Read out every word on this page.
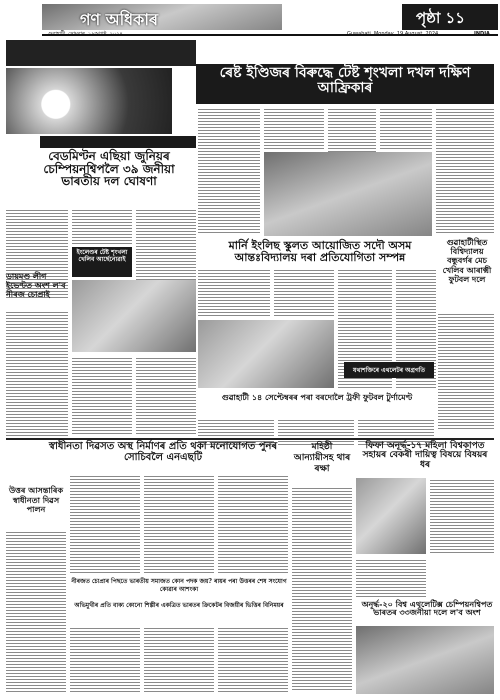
গণ অধিকাৰ
গুৱাহাটী, সোমবাৰ, ১৯আগষ্ট, ২০২৪	Guwahati, Monday, 19 August, 2024
পৃষ্ঠা ১১
INDIA
ৰেষ্ট ইণ্ডিজৰ বিৰুদ্ধে টেষ্ট শৃংখলা দখল দক্ষিণ আফ্ৰিকাৰ
বেডমিণ্টন এছিয়া জুনিয়ৰ চেম্পিয়নশ্বিপলৈ ৩৯ জনীয়া ভাৰতীয় দল ঘোষণা
ইংলেণ্ডৰ টেষ্ট শৃংখলা খেলিব আৰ্ছেনোৱাই
ডায়মণ্ড লীগ ইভেণ্টত অংশ ল'ব নীৰজ চোপ্ৰাই
মাৰ্নি ইংলিছ স্কুলত আয়োজিত সদৌ অসম আন্তঃবিদ্যালয় দৰা প্ৰতিযোগিতা সম্পন্ন
গুৱাহাটীস্থিত বিশ্বিদ্যালয় বন্ধুবৰ্গৰ মেচ খেলিব আৰাক্মী ফুটবল দলে
গুৱাহাটী ১৪ সেপ্টেম্বৰৰ পৰা বৰদোলৈ ট্ৰফী ফুটবল টুৰ্ণামেণ্ট
যথাশক্তিৰে এথলেটৰ অগ্ৰগতি
স্বাধীনতা দিৱসত অস্থ নিৰ্মাণৰ প্ৰতি থকা মনোযোগত পুনৰ সোচিবলৈ এনএছটি
উত্তৰ আসন্তাৰিক স্বাধীনতা দিৱস পালন
মহিষ্ঠী আন্যায়ীসহ থাৰ ৰক্ষা
ফিফা অনূৰ্দ্ধ-১৭ মহিলা বিশ্বকাপত সহায়ৰ বেকৰী দায়িত্ব বিষয়ে বিষয়ৰ ধৰ
নীৰজত চোপ্ৰাৰ পিছতে ভাৰতীয় সমাজত কোন পদক জয়? ৰায়ৰ পৰা উত্তৰৰ শেষ সংযোগ কোৱাৰ আশংকা
অভিমুখীৰ প্ৰতি বাক্য কোনো শিল্পীৰ একত্ৰিত ভাৰতৰ ক্ৰিকেটৰ বিজয়ীৰ ভিত্তিৰ বিনিময়ৰ	অনূৰ্দ্ধ-২০ বিশ্ব এথলেটিক্স চেম্পিয়নশ্বিপত ভাৰতৰ ৩৩জনীয়া দলে ল'ব অংশ
